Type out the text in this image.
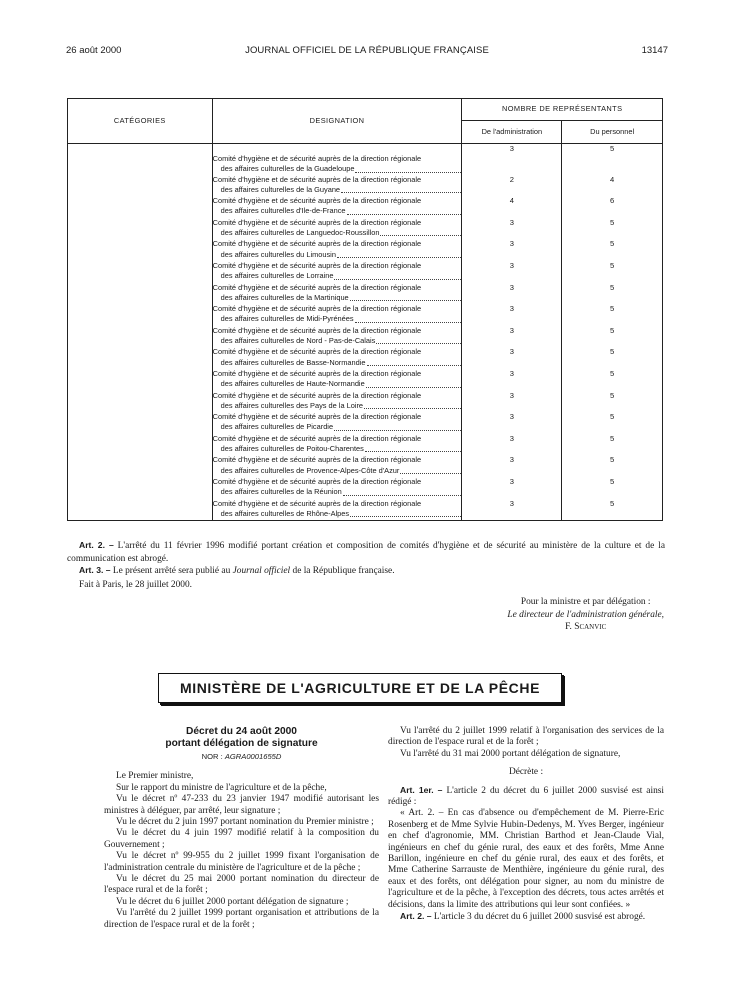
26 août 2000	JOURNAL OFFICIEL DE LA RÉPUBLIQUE FRANÇAISE	13147
CATÉGORIES	DESIGNATION	NOMBRE DE REPRÉSENTANTS	
		De l'administration	Du personnel

	Comité d'hygiène et de sécurité auprès de la direction régionale
des affaires culturelles de la Guadeloupe	3	5

	Comité d'hygiène et de sécurité auprès de la direction régionale
des affaires culturelles de la Guyane	2	4

	Comité d'hygiène et de sécurité auprès de la direction régionale
des affaires culturelles d'Ile-de-France	4	6

	Comité d'hygiène et de sécurité auprès de la direction régionale
des affaires culturelles de Languedoc-Roussillon	3	5

	Comité d'hygiène et de sécurité auprès de la direction régionale
des affaires culturelles du Limousin	3	5

	Comité d'hygiène et de sécurité auprès de la direction régionale
des affaires culturelles de Lorraine	3	5

	Comité d'hygiène et de sécurité auprès de la direction régionale
des affaires culturelles de la Martinique	3	5

	Comité d'hygiène et de sécurité auprès de la direction régionale
des affaires culturelles de Midi-Pyrénées	3	5

	Comité d'hygiène et de sécurité auprès de la direction régionale
des affaires culturelles de Nord - Pas-de-Calais	3	5

	Comité d'hygiène et de sécurité auprès de la direction régionale
des affaires culturelles de Basse-Normandie	3	5

	Comité d'hygiène et de sécurité auprès de la direction régionale
des affaires culturelles de Haute-Normandie	3	5

	Comité d'hygiène et de sécurité auprès de la direction régionale
des affaires culturelles des Pays de la Loire	3	5

	Comité d'hygiène et de sécurité auprès de la direction régionale
des affaires culturelles de Picardie	3	5

	Comité d'hygiène et de sécurité auprès de la direction régionale
des affaires culturelles de Poitou-Charentes	3	5

	Comité d'hygiène et de sécurité auprès de la direction régionale
des affaires culturelles de Provence-Alpes-Côte d'Azur	3	5

	Comité d'hygiène et de sécurité auprès de la direction régionale
des affaires culturelles de la Réunion	3	5

	Comité d'hygiène et de sécurité auprès de la direction régionale
des affaires culturelles de Rhône-Alpes	3	5
Art. 2. – L'arrêté du 11 février 1996 modifié portant création et composition de comités d'hygiène et de sécurité au ministère de la culture et de la communication est abrogé.
Art. 3. – Le présent arrêté sera publié au Journal officiel de la République française.
Fait à Paris, le 28 juillet 2000.
Pour la ministre et par délégation :
Le directeur de l'administration générale,
F. Scanvic
MINISTÈRE DE L'AGRICULTURE ET DE LA PÊCHE
Décret du 24 août 2000
portant délégation de signature
NOR : AGRA0001655D

Le Premier ministre,

Sur le rapport du ministre de l'agriculture et de la pêche,

Vu le décret nº 47-233 du 23 janvier 1947 modifié autorisant les ministres à déléguer, par arrêté, leur signature ;

Vu le décret du 2 juin 1997 portant nomination du Premier ministre ;

Vu le décret du 4 juin 1997 modifié relatif à la composition du Gouvernement ;

Vu le décret nº 99-955 du 2 juillet 1999 fixant l'organisation de l'administration centrale du ministère de l'agriculture et de la pêche ;

Vu le décret du 25 mai 2000 portant nomination du directeur de l'espace rural et de la forêt ;

Vu le décret du 6 juillet 2000 portant délégation de signature ;

Vu l'arrêté du 2 juillet 1999 portant organisation et attributions de la direction de l'espace rural et de la forêt ;

Vu l'arrêté du 2 juillet 1999 relatif à l'organisation des services de la direction de l'espace rural et de la forêt ;

Vu l'arrêté du 31 mai 2000 portant délégation de signature,

Décrète :

Art. 1er. – L'article 2 du décret du 6 juillet 2000 susvisé est ainsi rédigé :

« Art. 2. – En cas d'absence ou d'empêchement de M. Pierre-Eric Rosenberg et de Mme Sylvie Hubin-Dedenys, M. Yves Berger, ingénieur en chef d'agronomie, MM. Christian Barthod et Jean-Claude Vial, ingénieurs en chef du génie rural, des eaux et des forêts, Mme Anne Barillon, ingénieure en chef du génie rural, des eaux et des forêts, et Mme Catherine Sarrauste de Menthière, ingénieure du génie rural, des eaux et des forêts, ont délégation pour signer, au nom du ministre de l'agriculture et de la pêche, à l'exception des décrets, tous actes arrêtés et décisions, dans la limite des attributions qui leur sont confiées. »

Art. 2. – L'article 3 du décret du 6 juillet 2000 susvisé est abrogé.
